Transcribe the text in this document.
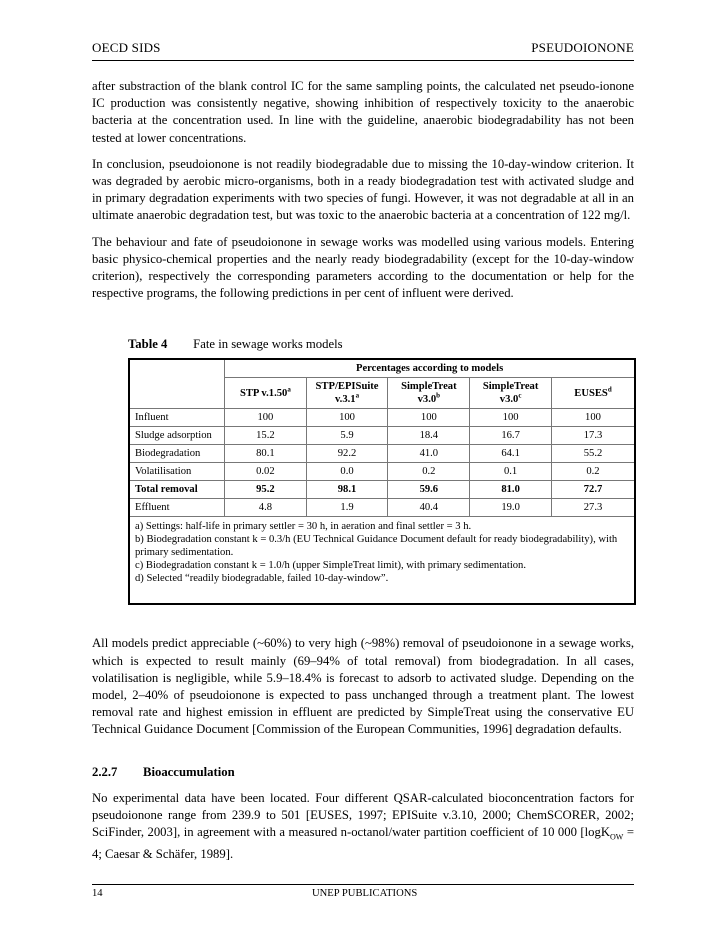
OECD SIDS	PSEUDOIONONE

after substraction of the blank control IC for the same sampling points, the calculated net pseudo-ionone IC production was consistently negative, showing inhibition of respectively toxicity to the anaerobic bacteria at the concentration used. In line with the guideline, anaerobic biodegradability has not been tested at lower concentrations.

In conclusion, pseudoionone is not readily biodegradable due to missing the 10-day-window criterion. It was degraded by aerobic micro-organisms, both in a ready biodegradation test with activated sludge and in primary degradation experiments with two species of fungi. However, it was not degradable at all in an ultimate anaerobic degradation test, but was toxic to the anaerobic bacteria at a concentration of 122 mg/l.

The behaviour and fate of pseudoionone in sewage works was modelled using various models. Entering basic physico-chemical properties and the nearly ready biodegradability (except for the 10-day-window criterion), respectively the corresponding parameters according to the documentation or help for the respective programs, the following predictions in per cent of influent were derived.

Table 4 Fate in sewage works models
	Percentages according to models				
	STP v.1.50$^a$	STP/EPISuite v.3.1$^a$	SimpleTreat v3.0$^b$	SimpleTreat v3.0$^c$	EUSES$^d$
Influent	100	100	100	100	100
Sludge adsorption	15.2	5.9	18.4	16.7	17.3
Biodegradation	80.1	92.2	41.0	64.1	55.2
Volatilisation	0.02	0.0	0.2	0.1	0.2
Total removal	95.2	98.1	59.6	81.0	72.7
Effluent	4.8	1.9	40.4	19.0	27.3

a) Settings: half-life in primary settler = 30 h, in aeration and final settler = 3 h.
b) Biodegradation constant k = 0.3/h (EU Technical Guidance Document default for ready biodegradability), with primary sedimentation.
c) Biodegradation constant k = 1.0/h (upper SimpleTreat limit), with primary sedimentation.
d) Selected “readily biodegradable, failed 10-day-window”.					

All models predict appreciable (~60%) to very high (~98%) removal of pseudoionone in a sewage works, which is expected to result mainly (69–94% of total removal) from biodegradation. In all cases, volatilisation is negligible, while 5.9–18.4% is forecast to adsorb to activated sludge. Depending on the model, 2–40% of pseudoionone is expected to pass unchanged through a treatment plant. The lowest removal rate and highest emission in effluent are predicted by SimpleTreat using the conservative EU Technical Guidance Document [Commission of the European Communities, 1996] degradation defaults.

2.2.7 Bioaccumulation

No experimental data have been located. Four different QSAR-calculated bioconcentration factors for pseudoionone range from 239.9 to 501 [EUSES, 1997; EPISuite v.3.10, 2000; ChemSCORER, 2002; SciFinder, 2003], in agreement with a measured n-octanol/water partition coefficient of 10 000 [logK$_{OW}$ = 4; Caesar & Schäfer, 1989].

14	UNEP PUBLICATIONS
